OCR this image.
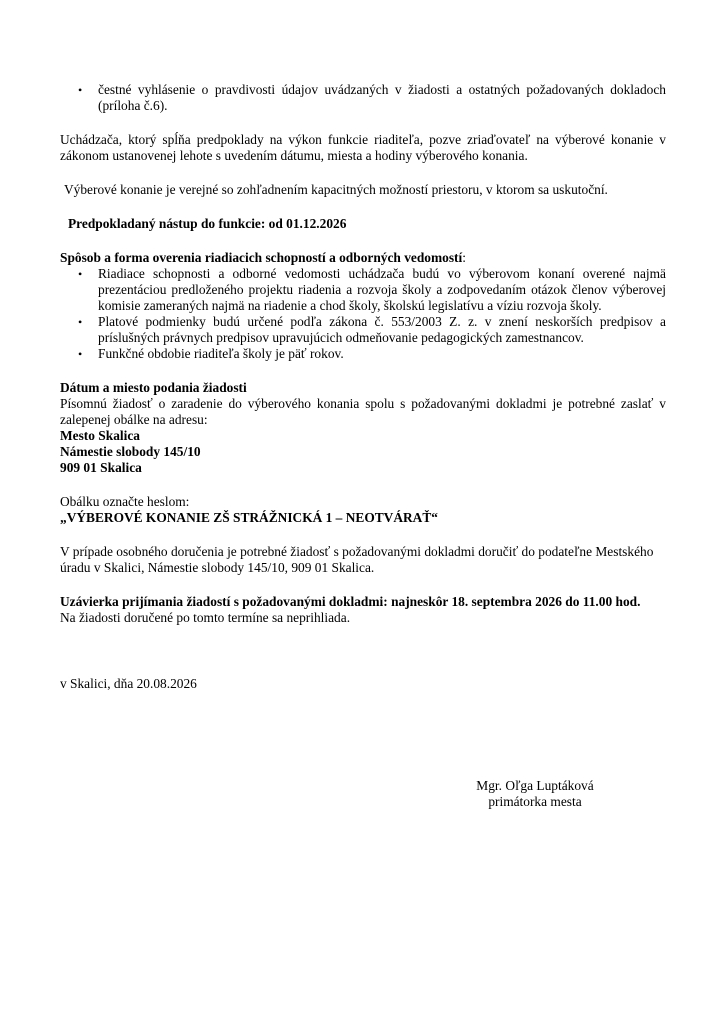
•	čestné vyhlásenie o pravdivosti údajov uvádzaných v žiadosti a ostatných požadovaných dokladoch (príloha č.6).

Uchádzača, ktorý spĺňa predpoklady na výkon funkcie riaditeľa, pozve zriaďovateľ na výberové konanie v zákonom ustanovenej lehote s uvedením dátumu, miesta a hodiny výberového konania.

Výberové konanie je verejné so zohľadnením kapacitných možností priestoru, v ktorom sa uskutoční.

Predpokladaný nástup do funkcie: od 01.12.2026

Spôsob a forma overenia riadiacich schopností a odborných vedomostí:

•	Riadiace schopnosti a odborné vedomosti uchádzača budú vo výberovom konaní overené najmä prezentáciou predloženého projektu riadenia a rozvoja školy a zodpovedaním otázok členov výberovej komisie zameraných najmä na riadenie a chod školy, školskú legislatívu a víziu rozvoja školy.
•	Platové podmienky budú určené podľa zákona č. 553/2003 Z. z. v znení neskorších predpisov a príslušných právnych predpisov upravujúcich odmeňovanie pedagogických zamestnancov.
•	Funkčné obdobie riaditeľa školy je päť rokov.

Dátum a miesto podania žiadosti

Písomnú žiadosť o zaradenie do výberového konania spolu s požadovanými dokladmi je potrebné zaslať v zalepenej obálke na adresu:

Mesto Skalica

Námestie slobody 145/10

909 01 Skalica

Obálku označte heslom:

„VÝBEROVÉ KONANIE ZŠ STRÁŽNICKÁ 1 – NEOTVÁRAŤ“

V prípade osobného doručenia je potrebné žiadosť s požadovanými dokladmi doručiť do podateľne Mestského úradu v Skalici, Námestie slobody 145/10, 909 01 Skalica.

Uzávierka prijímania žiadostí s požadovanými dokladmi: najneskôr 18. septembra 2026 do 11.00 hod.

Na žiadosti doručené po tomto termíne sa neprihliada.

v Skalici, dňa 20.08.2026

Mgr. Oľga Luptáková

primátorka mesta
